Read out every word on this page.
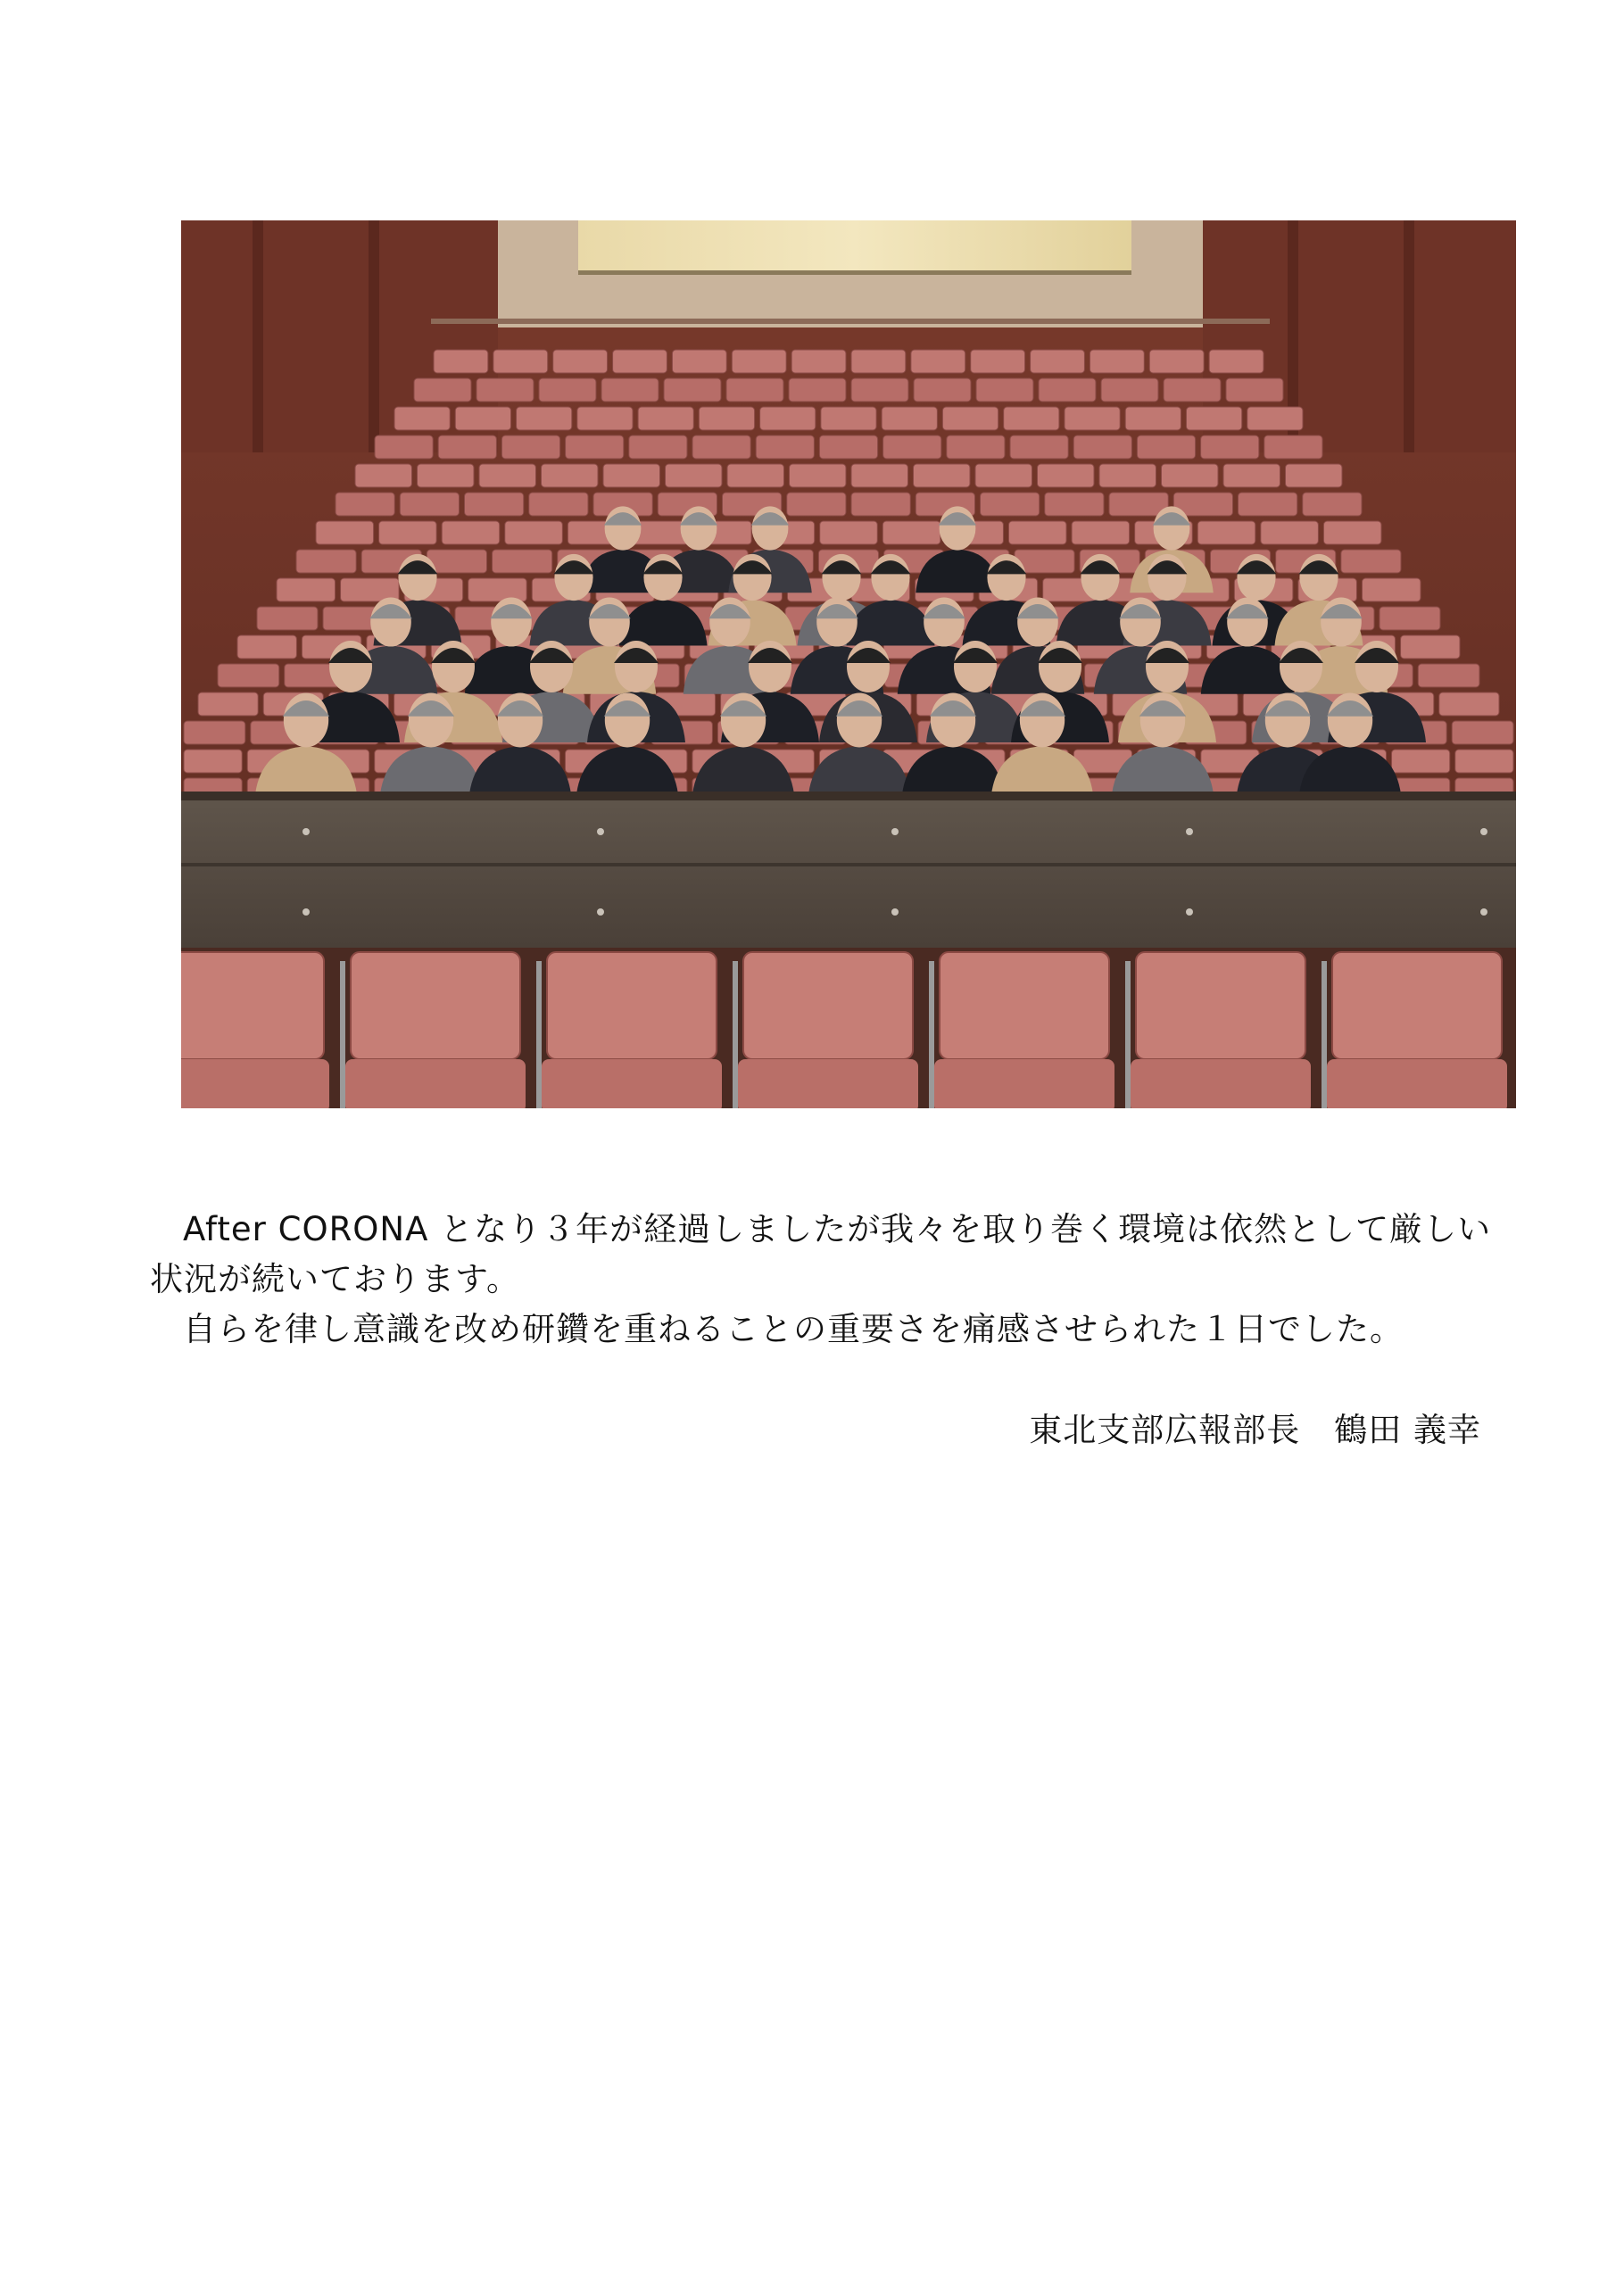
After CORONA となり３年が経過しましたが我々を取り巻く環境は依然として厳しい状況が続いております。

自らを律し意識を改め研鑽を重ねることの重要さを痛感させられた１日でした。

東北支部広報部長　鶴田 義幸
